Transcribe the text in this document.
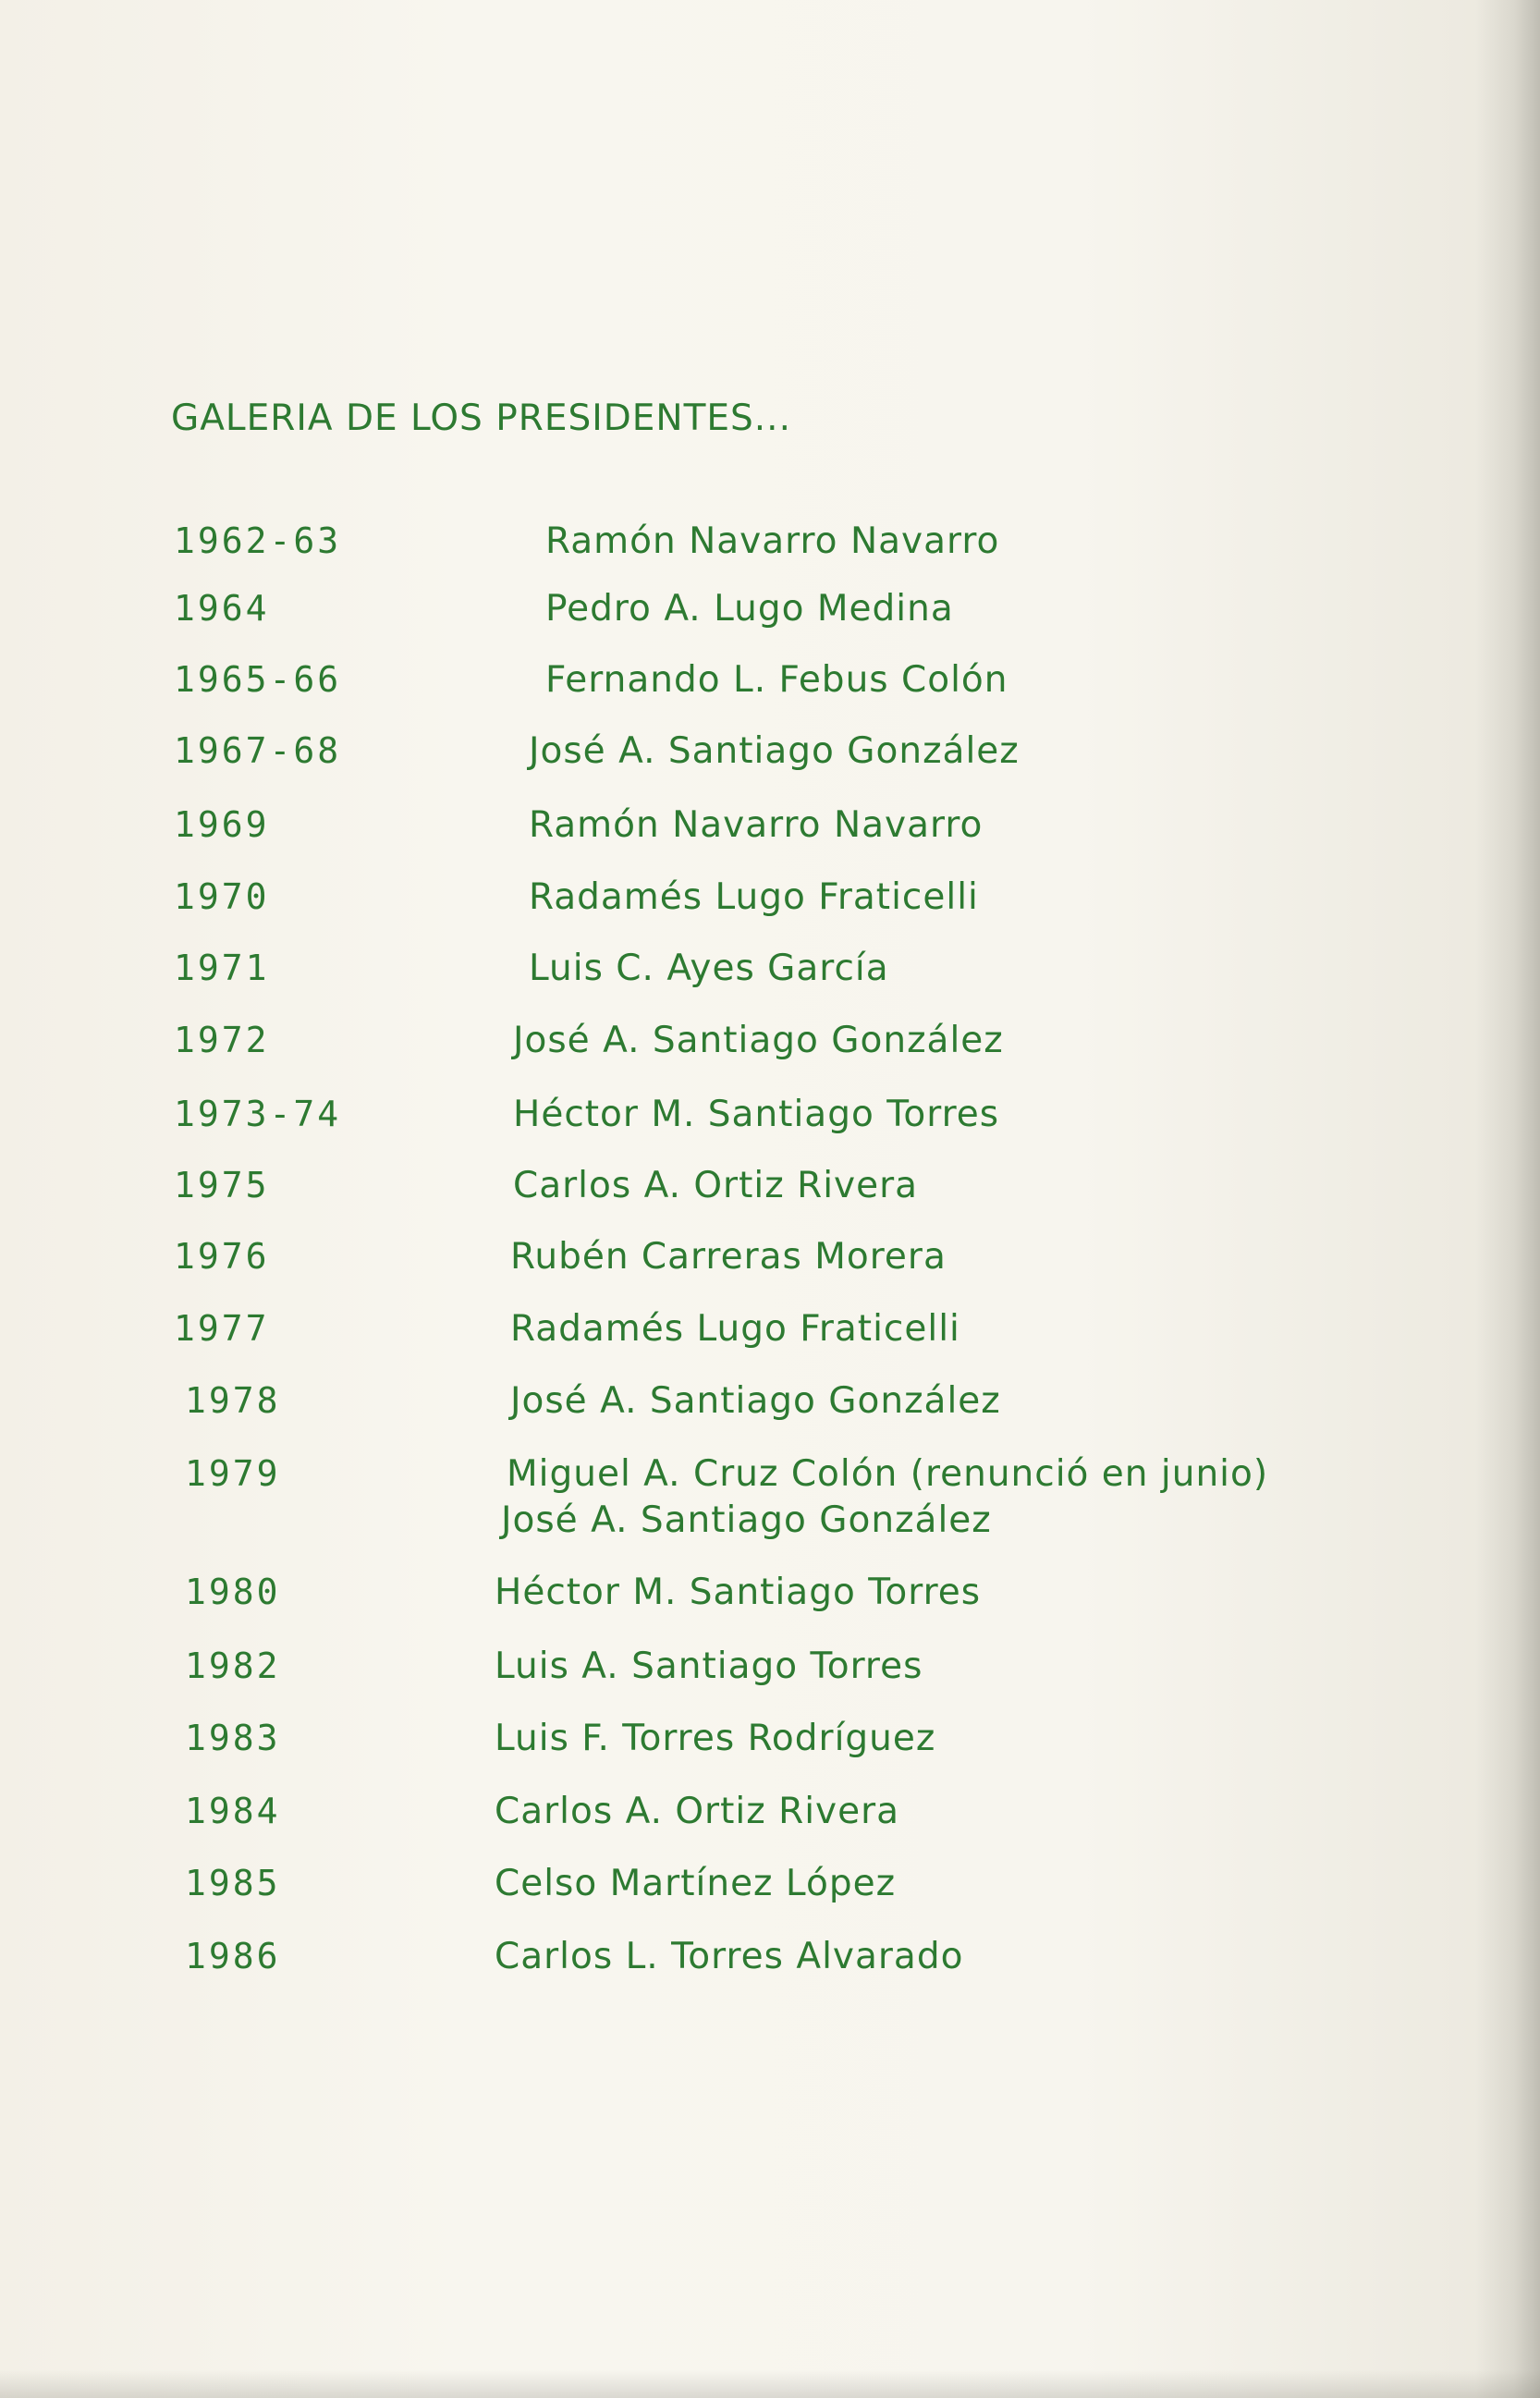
GALERIA DE LOS PRESIDENTES...
1962-63	Ramón Navarro Navarro
1964	Pedro A. Lugo Medina
1965-66	Fernando L. Febus Colón
1967-68	José A. Santiago González
1969	Ramón Navarro Navarro
1970	Radamés Lugo Fraticelli
1971	Luis C. Ayes García
1972	José A. Santiago González
1973-74	Héctor M. Santiago Torres
1975	Carlos A. Ortiz Rivera
1976	Rubén Carreras Morera
1977	Radamés Lugo Fraticelli
1978	José A. Santiago González
1979	Miguel A. Cruz Colón (renunció en junio)
José A. Santiago González
1980	Héctor M. Santiago Torres
1982	Luis A. Santiago Torres
1983	Luis F. Torres Rodríguez
1984	Carlos A. Ortiz Rivera
1985	Celso Martínez López
1986	Carlos L. Torres Alvarado
